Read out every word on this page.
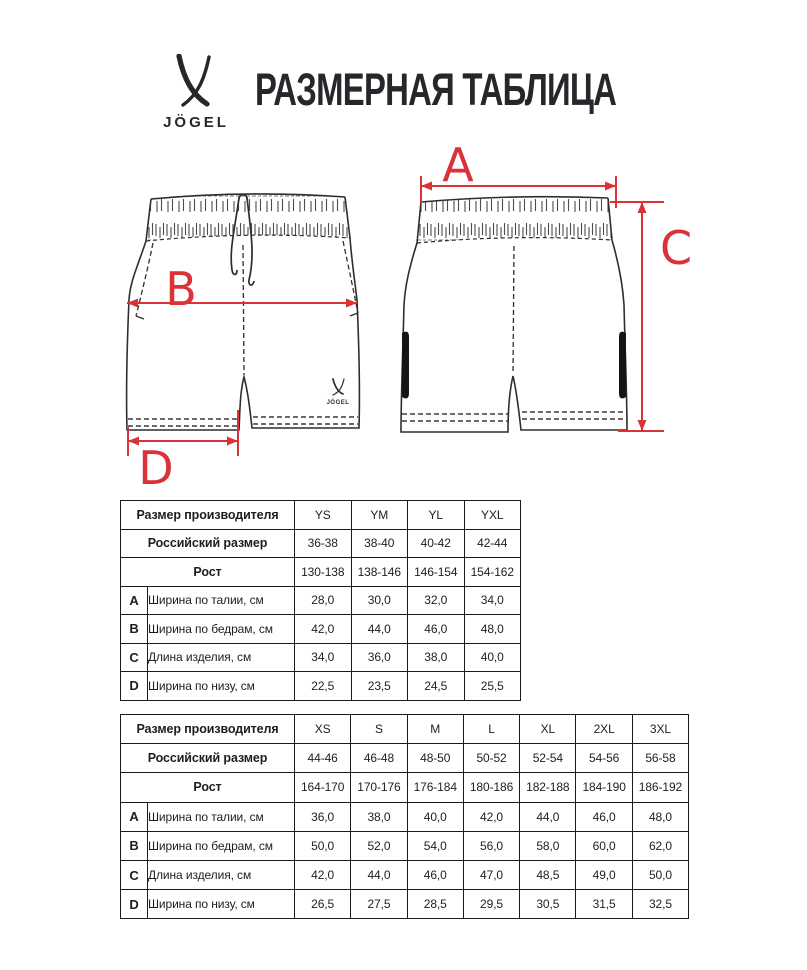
JÖGEL
РАЗМЕРНАЯ ТАБЛИЦА
JÖGEL
A
B
C
D
Размер производителя		YS	YM	YL	YXL
Российский размер		36-38	38-40	40-42	42-44
Рост		130-138	138-146	146-154	154-162
A	Ширина по талии, см	28,0	30,0	32,0	34,0
B	Ширина по бедрам, см	42,0	44,0	46,0	48,0
C	Длина изделия, см	34,0	36,0	38,0	40,0
D	Ширина по низу, см	22,5	23,5	24,5	25,5
Размер производителя		XS	S	M	L	XL	2XL	3XL
Российский размер		44-46	46-48	48-50	50-52	52-54	54-56	56-58
Рост		164-170	170-176	176-184	180-186	182-188	184-190	186-192
A	Ширина по талии, см	36,0	38,0	40,0	42,0	44,0	46,0	48,0
B	Ширина по бедрам, см	50,0	52,0	54,0	56,0	58,0	60,0	62,0
C	Длина изделия, см	42,0	44,0	46,0	47,0	48,5	49,0	50,0
D	Ширина по низу, см	26,5	27,5	28,5	29,5	30,5	31,5	32,5
